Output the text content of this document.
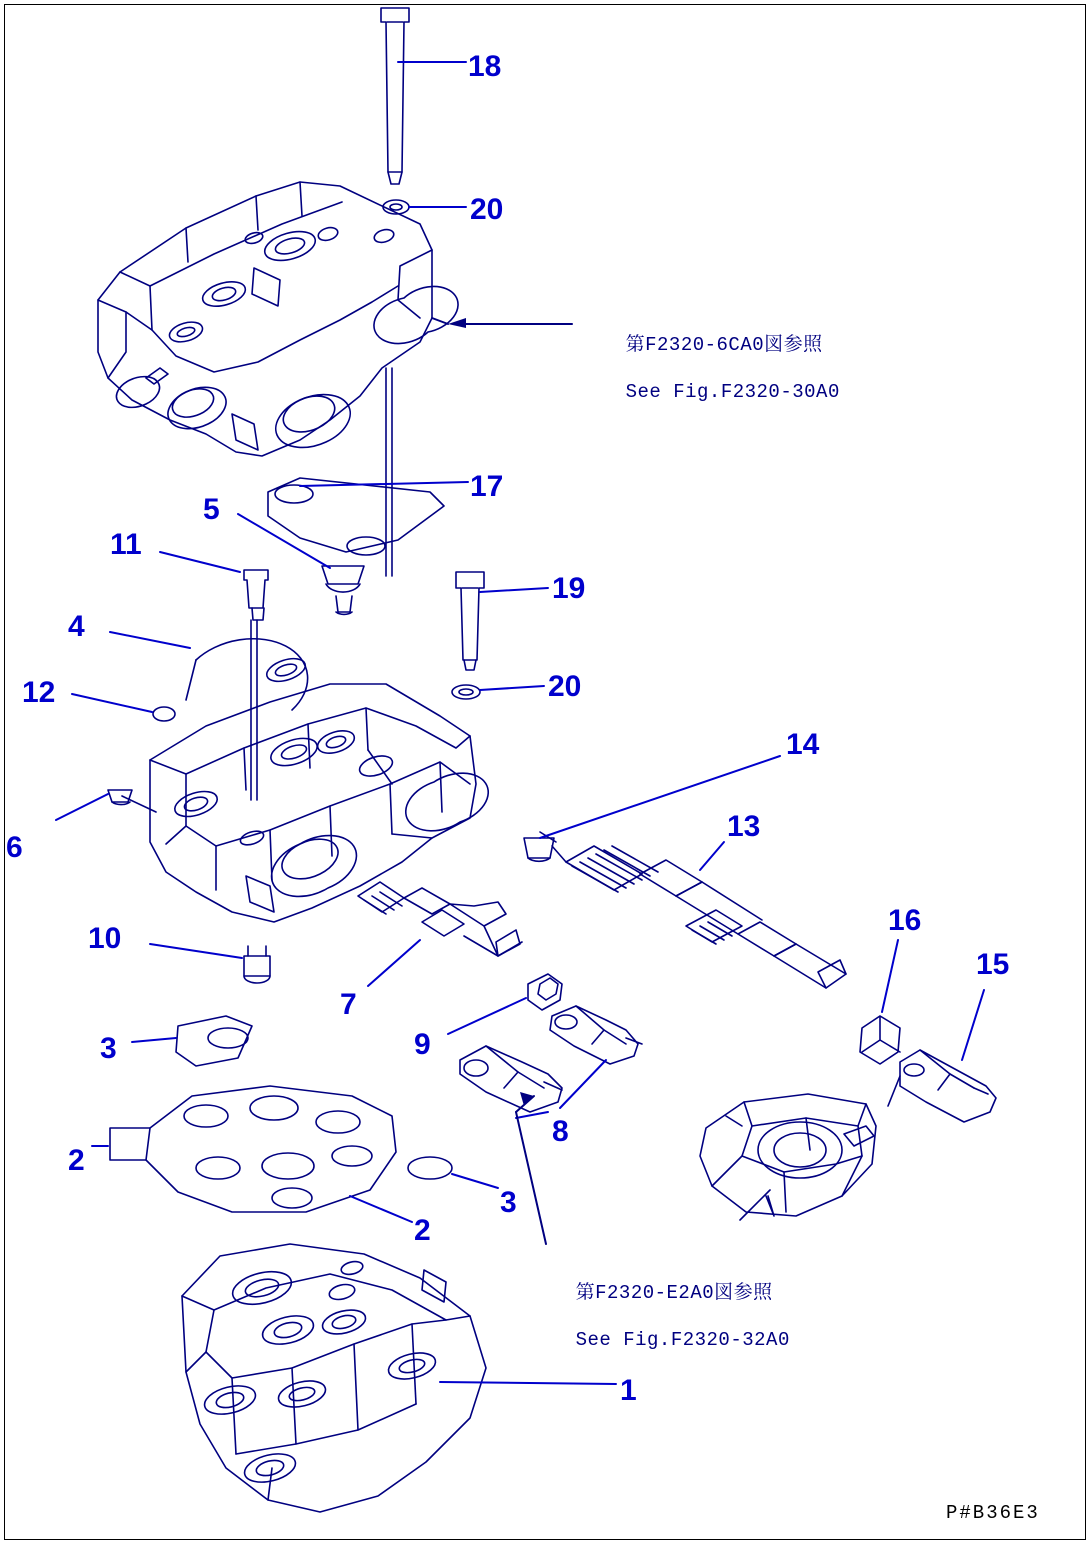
18
20
17
5
11
19
4
12	20
14
6
13
10
16
15
7
9
3
8
2
3
2
1

第F2320-6CA0図参照

See Fig.F2320-30A0

第F2320-E2A0図参照

See Fig.F2320-32A0

P#B36E3
